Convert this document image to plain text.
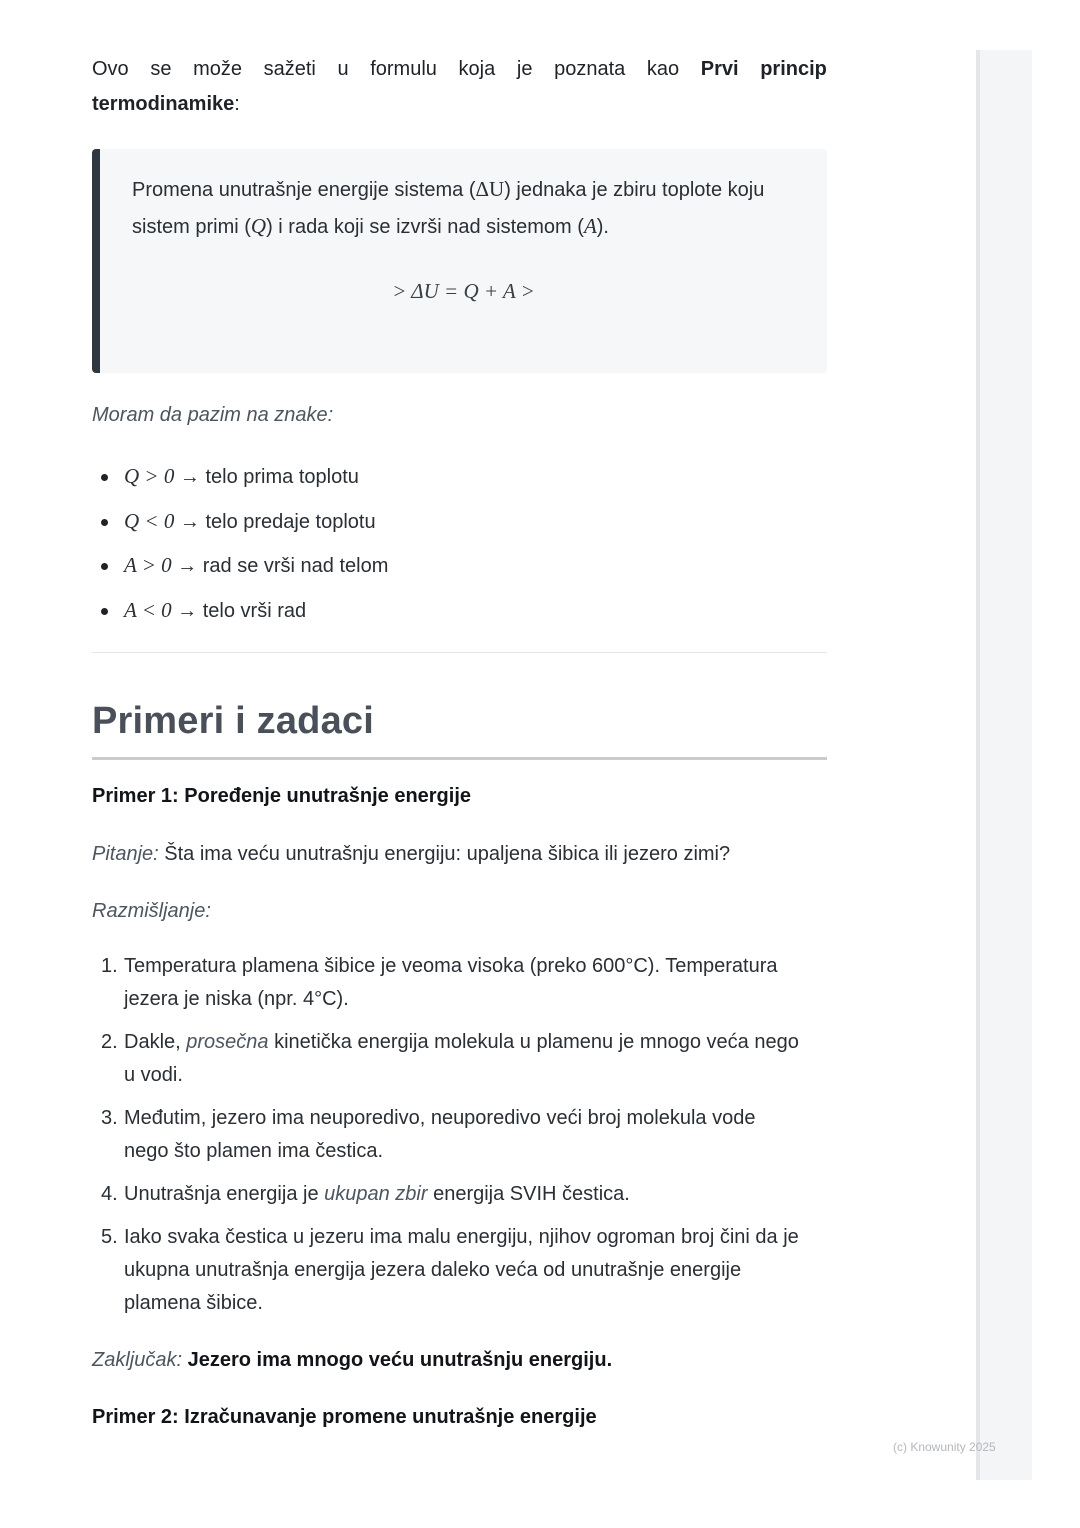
Ovo se može sažeti u formulu koja je poznata kao Prvi princip
termodinamike:
Promena unutrašnje energije sistema (ΔU) jednaka je zbiru toplote koju
sistem primi (Q) i rada koji se izvrši nad sistemom (A).
> ΔU = Q + A >
Moram da pazim na znake:
Q > 0 → telo prima toplotu
Q < 0 → telo predaje toplotu
A > 0 → rad se vrši nad telom
A < 0 → telo vrši rad
Primeri i zadaci
Primer 1: Poređenje unutrašnje energije
Pitanje: Šta ima veću unutrašnju energiju: upaljena šibica ili jezero zimi?
Razmišljanje:
1. Temperatura plamena šibice je veoma visoka (preko 600°C). Temperatura
jezera je niska (npr. 4°C).
2. Dakle, prosečna kinetička energija molekula u plamenu je mnogo veća nego
u vodi.
3. Međutim, jezero ima neuporedivo, neuporedivo veći broj molekula vode
nego što plamen ima čestica.
4. Unutrašnja energija je ukupan zbir energija SVIH čestica.
5. Iako svaka čestica u jezeru ima malu energiju, njihov ogroman broj čini da je
ukupna unutrašnja energija jezera daleko veća od unutrašnje energije
plamena šibice.
Zaključak: Jezero ima mnogo veću unutrašnju energiju.
Primer 2: Izračunavanje promene unutrašnje energije
(c) Knowunity 2025
